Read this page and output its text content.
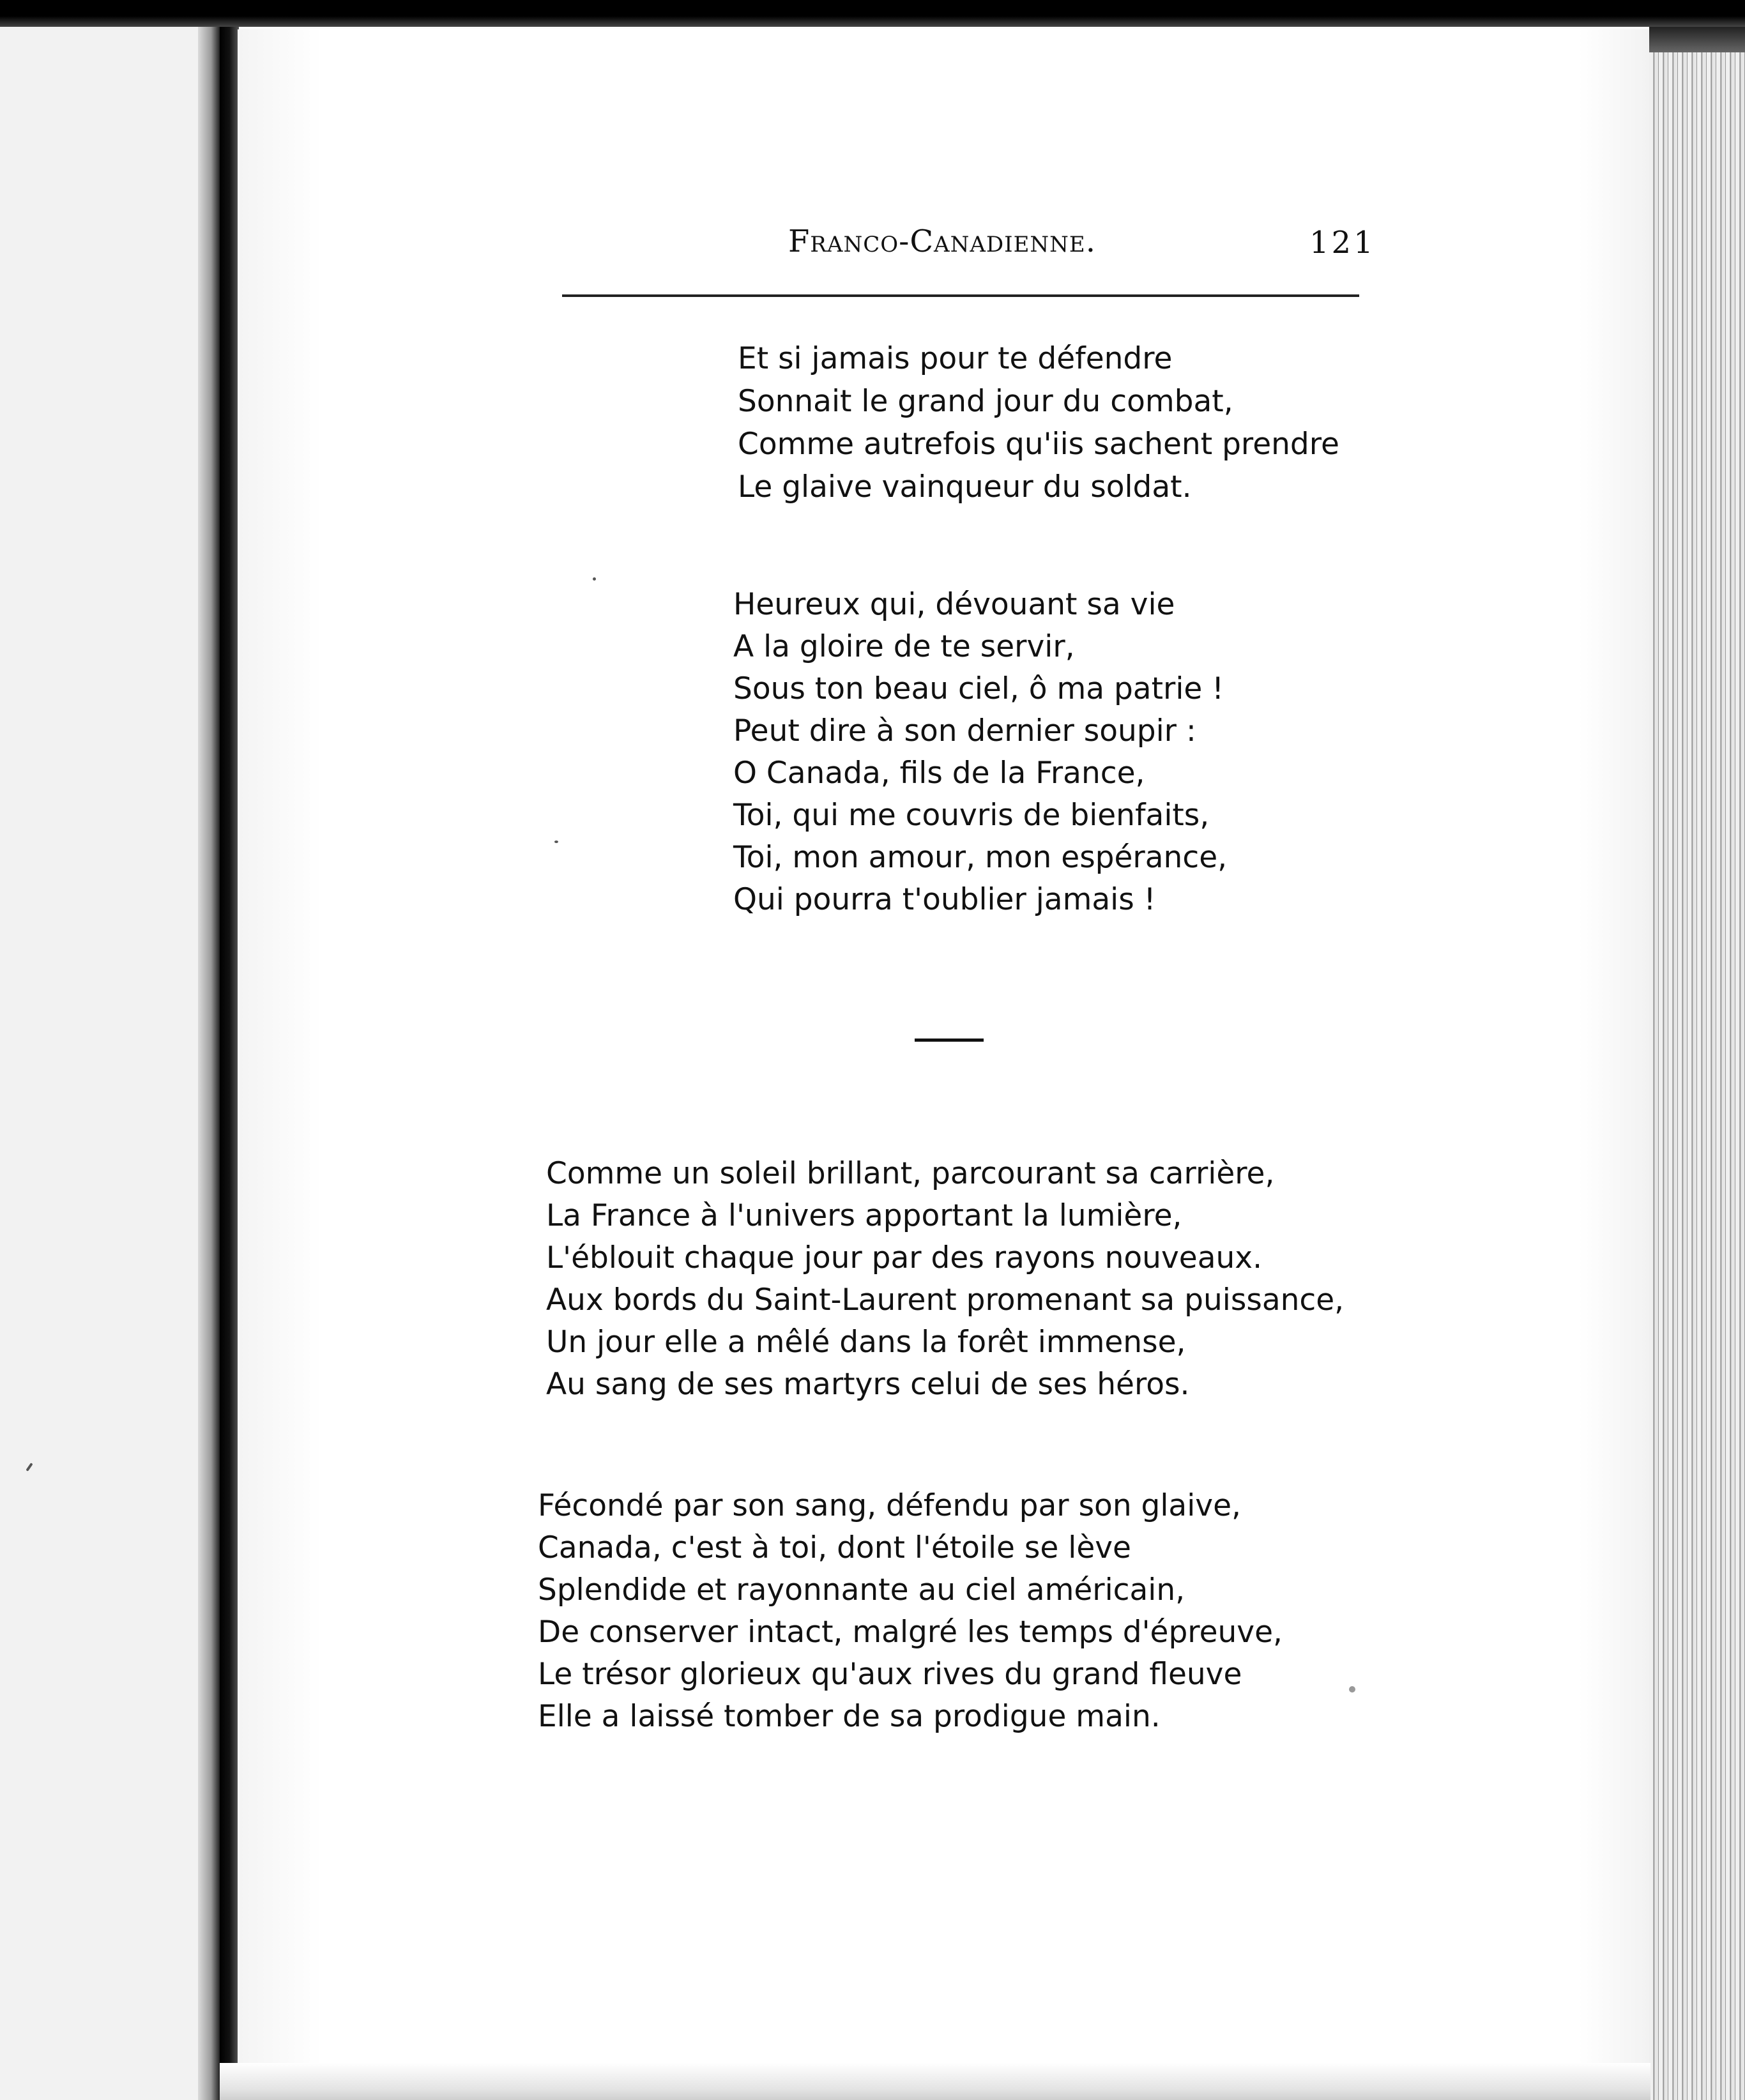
Franco-Canadienne.	121
Et si jamais pour te défendre
Sonnait le grand jour du combat,
Comme autrefois qu'iis sachent prendre
Le glaive vainqueur du soldat.
Heureux qui, dévouant sa vie
A la gloire de te servir,
Sous ton beau ciel, ô ma patrie !
Peut dire à son dernier soupir :
O Canada, fils de la France,
Toi, qui me couvris de bienfaits,
Toi, mon amour, mon espérance,
Qui pourra t'oublier jamais !
Comme un soleil brillant, parcourant sa carrière,
La France à l'univers apportant la lumière,
L'éblouit chaque jour par des rayons nouveaux.
Aux bords du Saint-Laurent promenant sa puissance,
Un jour elle a mêlé dans la forêt immense,
Au sang de ses martyrs celui de ses héros.
Fécondé par son sang, défendu par son glaive,
Canada, c'est à toi, dont l'étoile se lève
Splendide et rayonnante au ciel américain,
De conserver intact, malgré les temps d'épreuve,
Le trésor glorieux qu'aux rives du grand fleuve
Elle a laissé tomber de sa prodigue main.
